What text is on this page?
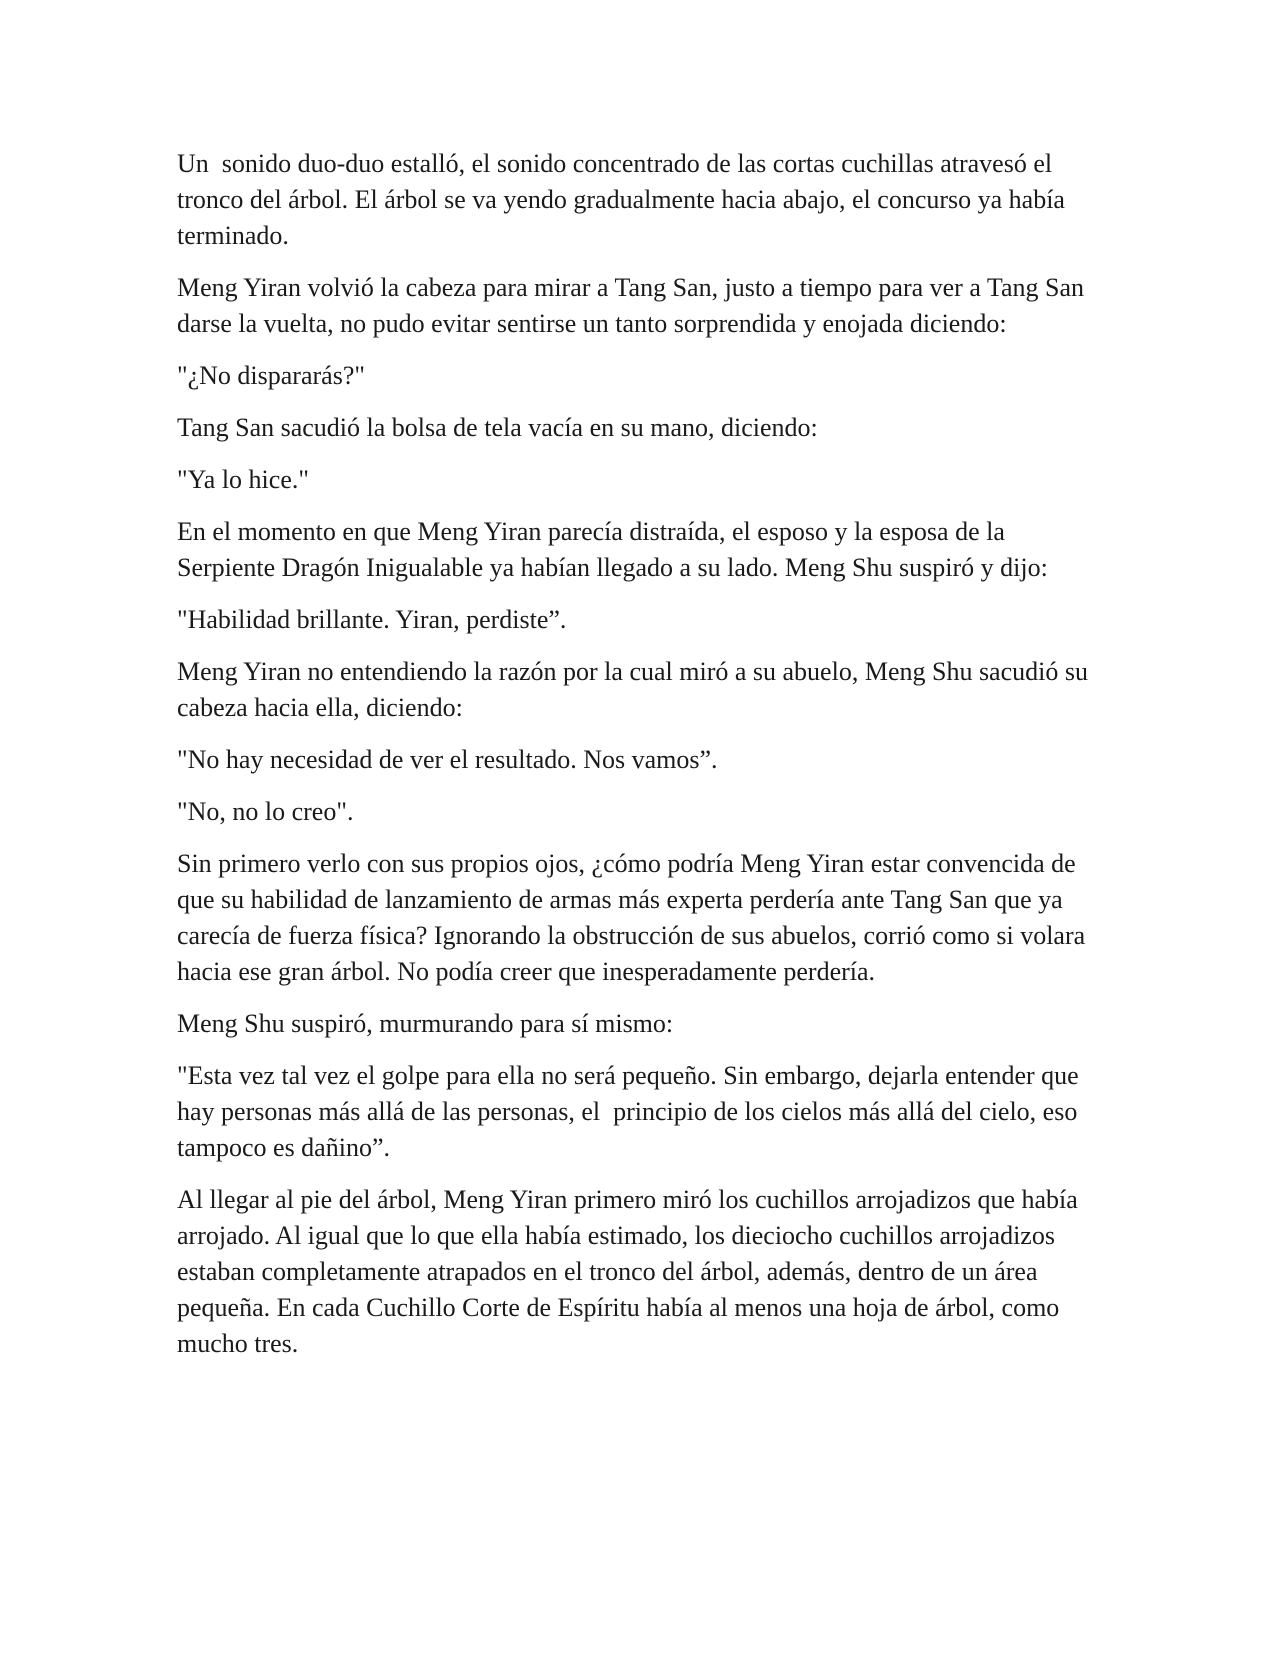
Un  sonido duo-duo estalló, el sonido concentrado de las cortas cuchillas atravesó el tronco del árbol. El árbol se va yendo gradualmente hacia abajo, el concurso ya había terminado.

Meng Yiran volvió la cabeza para mirar a Tang San, justo a tiempo para ver a Tang San darse la vuelta, no pudo evitar sentirse un tanto sorprendida y enojada diciendo:

"¿No dispararás?"

Tang San sacudió la bolsa de tela vacía en su mano, diciendo:

"Ya lo hice."

En el momento en que Meng Yiran parecía distraída, el esposo y la esposa de la Serpiente Dragón Inigualable ya habían llegado a su lado. Meng Shu suspiró y dijo:

"Habilidad brillante. Yiran, perdiste”.

Meng Yiran no entendiendo la razón por la cual miró a su abuelo, Meng Shu sacudió su cabeza hacia ella, diciendo:

"No hay necesidad de ver el resultado. Nos vamos”.

"No, no lo creo".

Sin primero verlo con sus propios ojos, ¿cómo podría Meng Yiran estar convencida de que su habilidad de lanzamiento de armas más experta perdería ante Tang San que ya carecía de fuerza física? Ignorando la obstrucción de sus abuelos, corrió como si volara hacia ese gran árbol. No podía creer que inesperadamente perdería.

Meng Shu suspiró, murmurando para sí mismo:

"Esta vez tal vez el golpe para ella no será pequeño. Sin embargo, dejarla entender que hay personas más allá de las personas, el  principio de los cielos más allá del cielo, eso tampoco es dañino”.

Al llegar al pie del árbol, Meng Yiran primero miró los cuchillos arrojadizos que había arrojado. Al igual que lo que ella había estimado, los dieciocho cuchillos arrojadizos estaban completamente atrapados en el tronco del árbol, además, dentro de un área pequeña. En cada Cuchillo Corte de Espíritu había al menos una hoja de árbol, como mucho tres.
